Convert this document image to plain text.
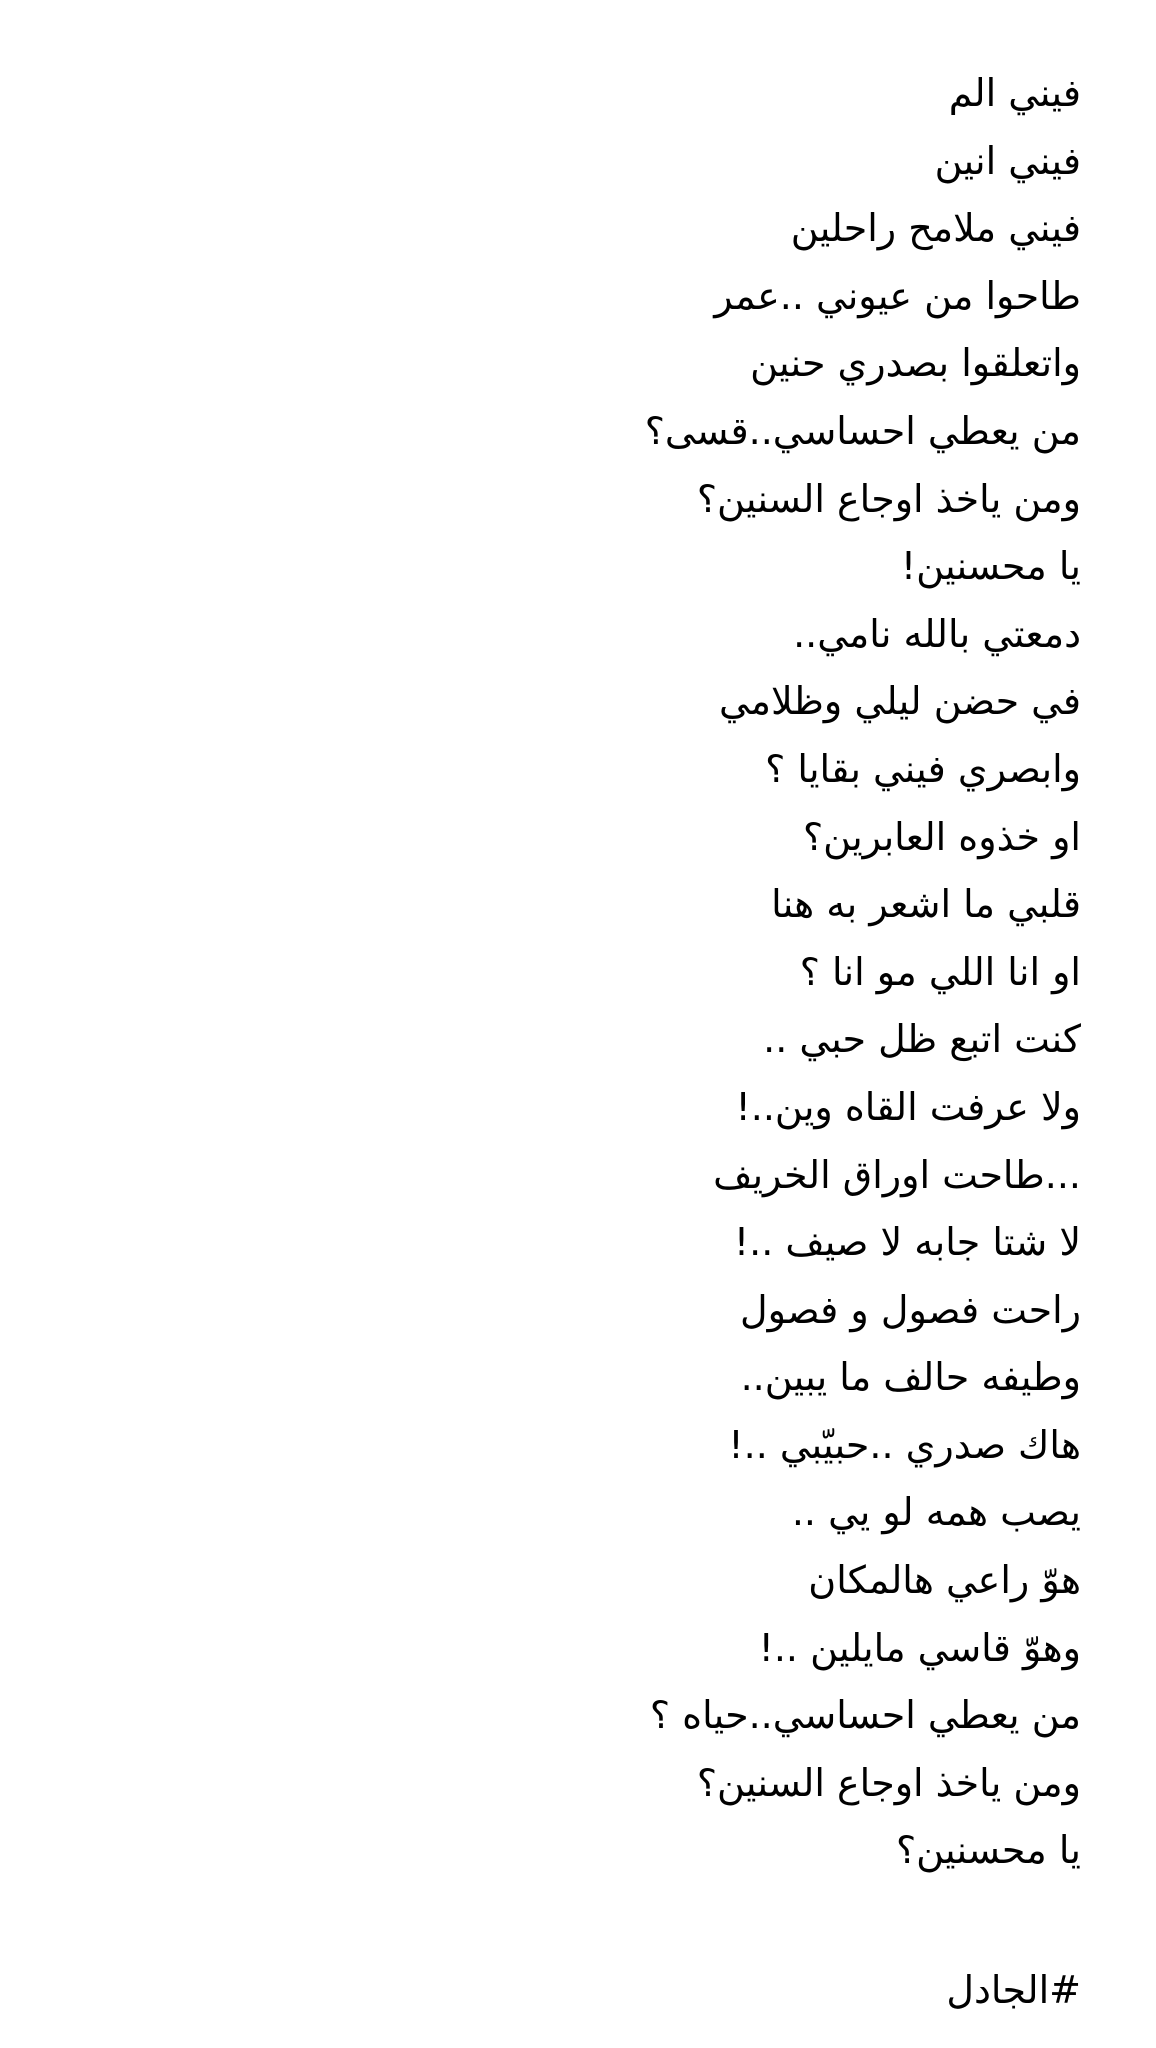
فيني الم
فيني انين
فيني ملامح راحلين
طاحوا من عيوني ..عمر
واتعلقوا بصدري حنين
من يعطي احساسي..قسى؟
ومن ياخذ اوجاع السنين؟
يا محسنين!
دمعتي بالله نامي..
في حضن ليلي وظلامي
وابصري فيني بقايا ؟
او خذوه العابرين؟
قلبي ما اشعر به هنا
او انا اللي مو انا ؟
كنت اتبع ظل حبي ..
ولا عرفت القاه وين..!
...طاحت اوراق الخريف
لا شتا جابه لا صيف ..!
راحت فصول و فصول
وطيفه حالف ما يبين..
هاك صدري ..حبيّبي ..!
يصب همه لو يي ..
هوّ راعي هالمكان
وهوّ قاسي مايلين ..!
من يعطي احساسي..حياه ؟
ومن ياخذ اوجاع السنين؟
يا محسنين؟
#الجادل
